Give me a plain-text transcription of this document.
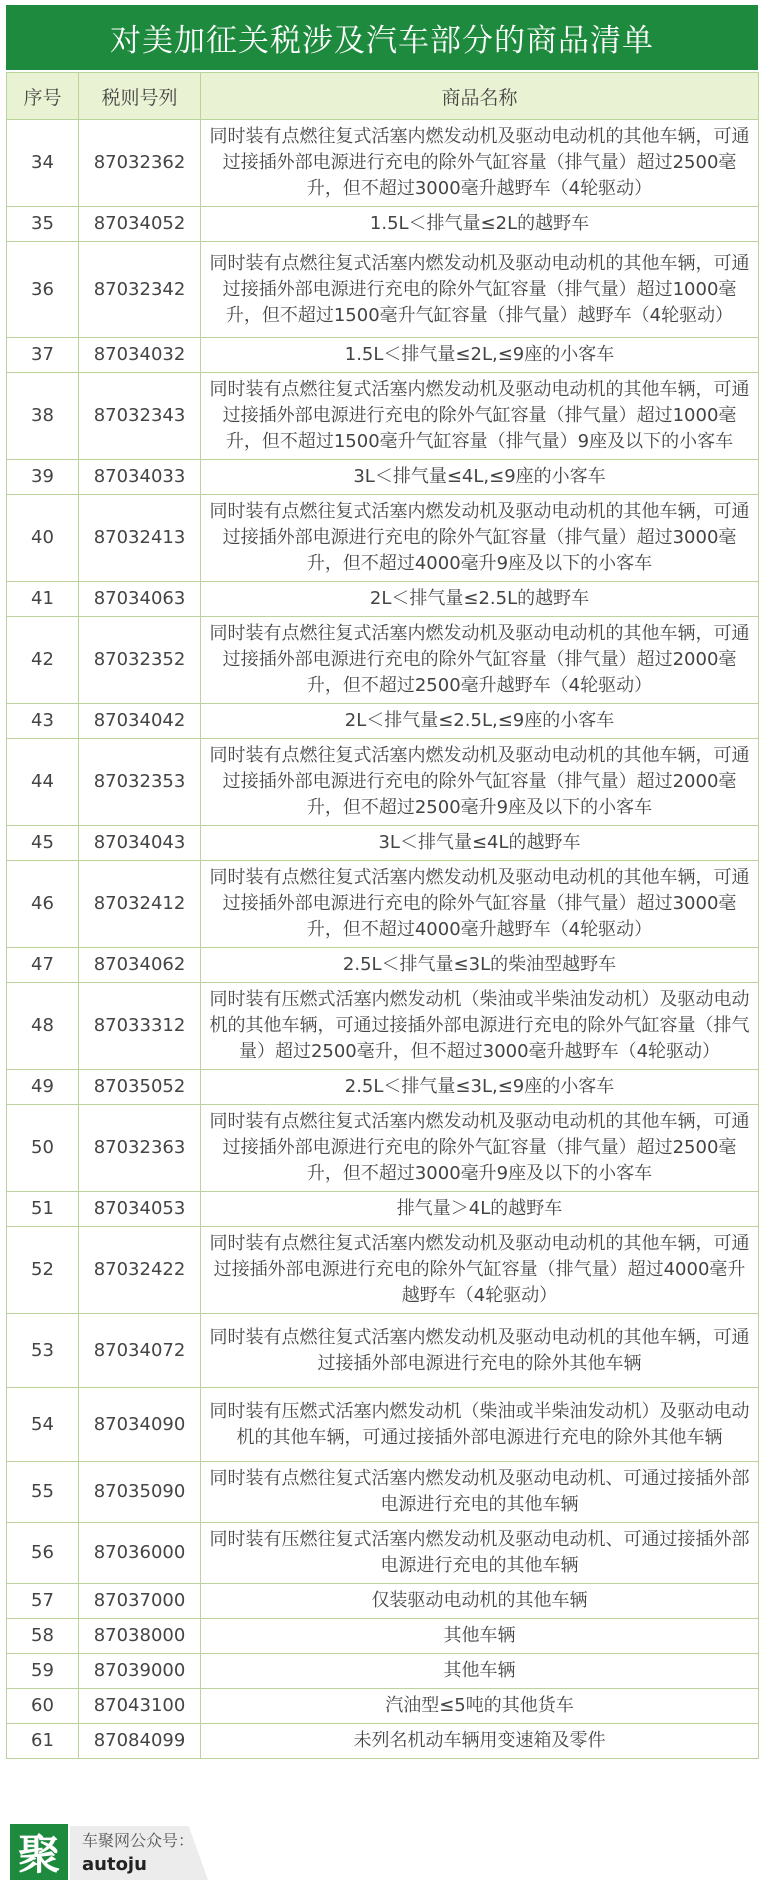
对美加征关税涉及汽车部分的商品清单
序号	税则号列	商品名称
34	87032362	同时装有点燃往复式活塞内燃发动机及驱动电动机的其他车辆，可通过接插外部电源进行充电的除外气缸容量（排气量）超过2500毫升，但不超过3000毫升越野车（4轮驱动）
35	87034052	1.5L＜排气量≤2L的越野车
36	87032342	同时装有点燃往复式活塞内燃发动机及驱动电动机的其他车辆，可通过接插外部电源进行充电的除外气缸容量（排气量）超过1000毫升，但不超过1500毫升气缸容量（排气量）越野车（4轮驱动）
37	87034032	1.5L＜排气量≤2L,≤9座的小客车
38	87032343	同时装有点燃往复式活塞内燃发动机及驱动电动机的其他车辆，可通过接插外部电源进行充电的除外气缸容量（排气量）超过1000毫升，但不超过1500毫升气缸容量（排气量）9座及以下的小客车
39	87034033	3L＜排气量≤4L,≤9座的小客车
40	87032413	同时装有点燃往复式活塞内燃发动机及驱动电动机的其他车辆，可通过接插外部电源进行充电的除外气缸容量（排气量）超过3000毫升，但不超过4000毫升9座及以下的小客车
41	87034063	2L＜排气量≤2.5L的越野车
42	87032352	同时装有点燃往复式活塞内燃发动机及驱动电动机的其他车辆，可通过接插外部电源进行充电的除外气缸容量（排气量）超过2000毫升，但不超过2500毫升越野车（4轮驱动）
43	87034042	2L＜排气量≤2.5L,≤9座的小客车
44	87032353	同时装有点燃往复式活塞内燃发动机及驱动电动机的其他车辆，可通过接插外部电源进行充电的除外气缸容量（排气量）超过2000毫升，但不超过2500毫升9座及以下的小客车
45	87034043	3L＜排气量≤4L的越野车
46	87032412	同时装有点燃往复式活塞内燃发动机及驱动电动机的其他车辆，可通过接插外部电源进行充电的除外气缸容量（排气量）超过3000毫升，但不超过4000毫升越野车（4轮驱动）
47	87034062	2.5L＜排气量≤3L的柴油型越野车
48	87033312	同时装有压燃式活塞内燃发动机（柴油或半柴油发动机）及驱动电动机的其他车辆，可通过接插外部电源进行充电的除外气缸容量（排气量）超过2500毫升，但不超过3000毫升越野车（4轮驱动）
49	87035052	2.5L＜排气量≤3L,≤9座的小客车
50	87032363	同时装有点燃往复式活塞内燃发动机及驱动电动机的其他车辆，可通过接插外部电源进行充电的除外气缸容量（排气量）超过2500毫升，但不超过3000毫升9座及以下的小客车
51	87034053	排气量＞4L的越野车
52	87032422	同时装有点燃往复式活塞内燃发动机及驱动电动机的其他车辆，可通过接插外部电源进行充电的除外气缸容量（排气量）超过4000毫升越野车（4轮驱动）
53	87034072	同时装有点燃往复式活塞内燃发动机及驱动电动机的其他车辆，可通过接插外部电源进行充电的除外其他车辆
54	87034090	同时装有压燃式活塞内燃发动机（柴油或半柴油发动机）及驱动电动机的其他车辆，可通过接插外部电源进行充电的除外其他车辆
55	87035090	同时装有点燃往复式活塞内燃发动机及驱动电动机、可通过接插外部电源进行充电的其他车辆
56	87036000	同时装有压燃往复式活塞内燃发动机及驱动电动机、可通过接插外部电源进行充电的其他车辆
57	87037000	仅装驱动电动机的其他车辆
58	87038000	其他车辆
59	87039000	其他车辆
60	87043100	汽油型≤5吨的其他货车
61	87084099	未列名机动车辆用变速箱及零件
聚	车聚网公众号：
autoju
